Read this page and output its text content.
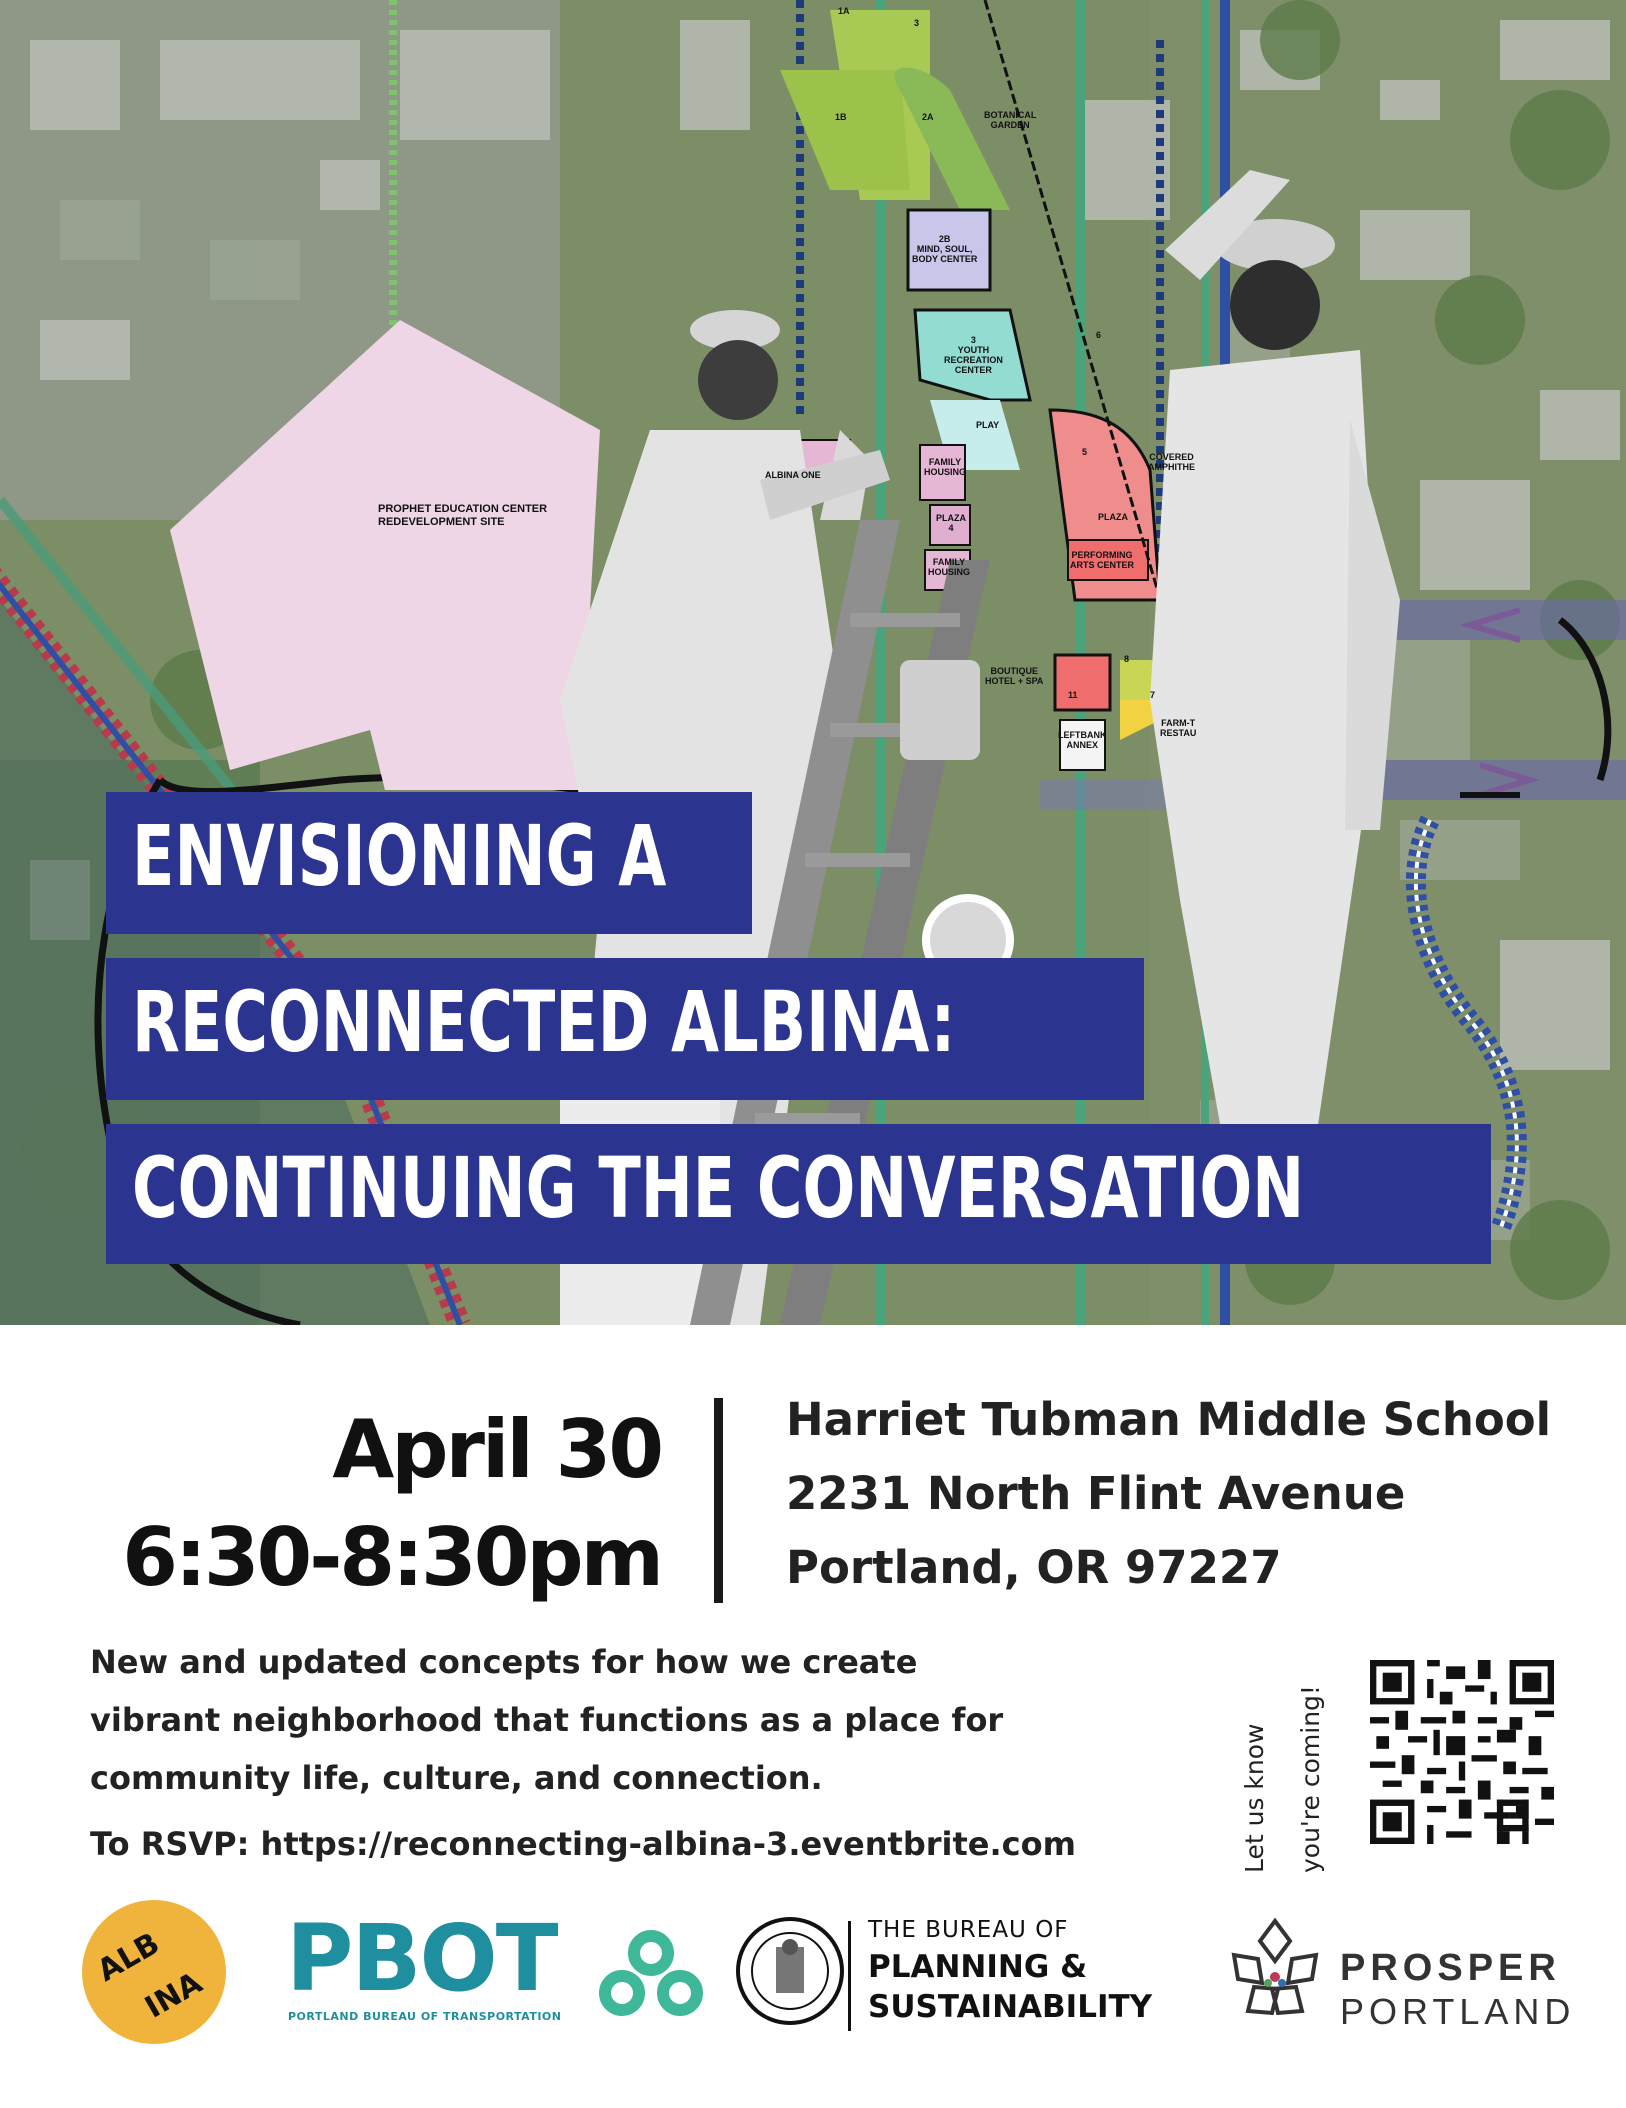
PROPHET EDUCATION CENTER
REDEVELOPMENT SITE
BOTANICAL
GARDEN
1B
1A
2A
3
2B
MIND, SOUL,
BODY CENTER
3
YOUTH
RECREATION
CENTER
6
PLAY
ALBINA ONE
FAMILY
HOUSING
PLAZA
4
FAMILY
HOUSING
5	COVERED
AMPHITHE
PLAZA
PERFORMING
ARTS CENTER
BOUTIQUE
HOTEL + SPA
11	7
FARM-T
RESTAU
LEFTBANK
ANNEX
8
ENVISIONING A
RECONNECTED ALBINA:
CONTINUING THE CONVERSATION
April 30
6:30-8:30pm
Harriet Tubman Middle School
2231 North Flint Avenue
Portland, OR 97227
New and updated concepts for how we create
vibrant neighborhood that functions as a place for
community life, culture, and connection.
To RSVP: https://reconnecting-albina-3.eventbrite.com	Let us know you're coming!
ALB
INA PBOT
PORTLAND BUREAU OF TRANSPORTATION
THE BUREAU OF
PLANNING &
SUSTAINABILITY
PROSPER
PORTLAND
